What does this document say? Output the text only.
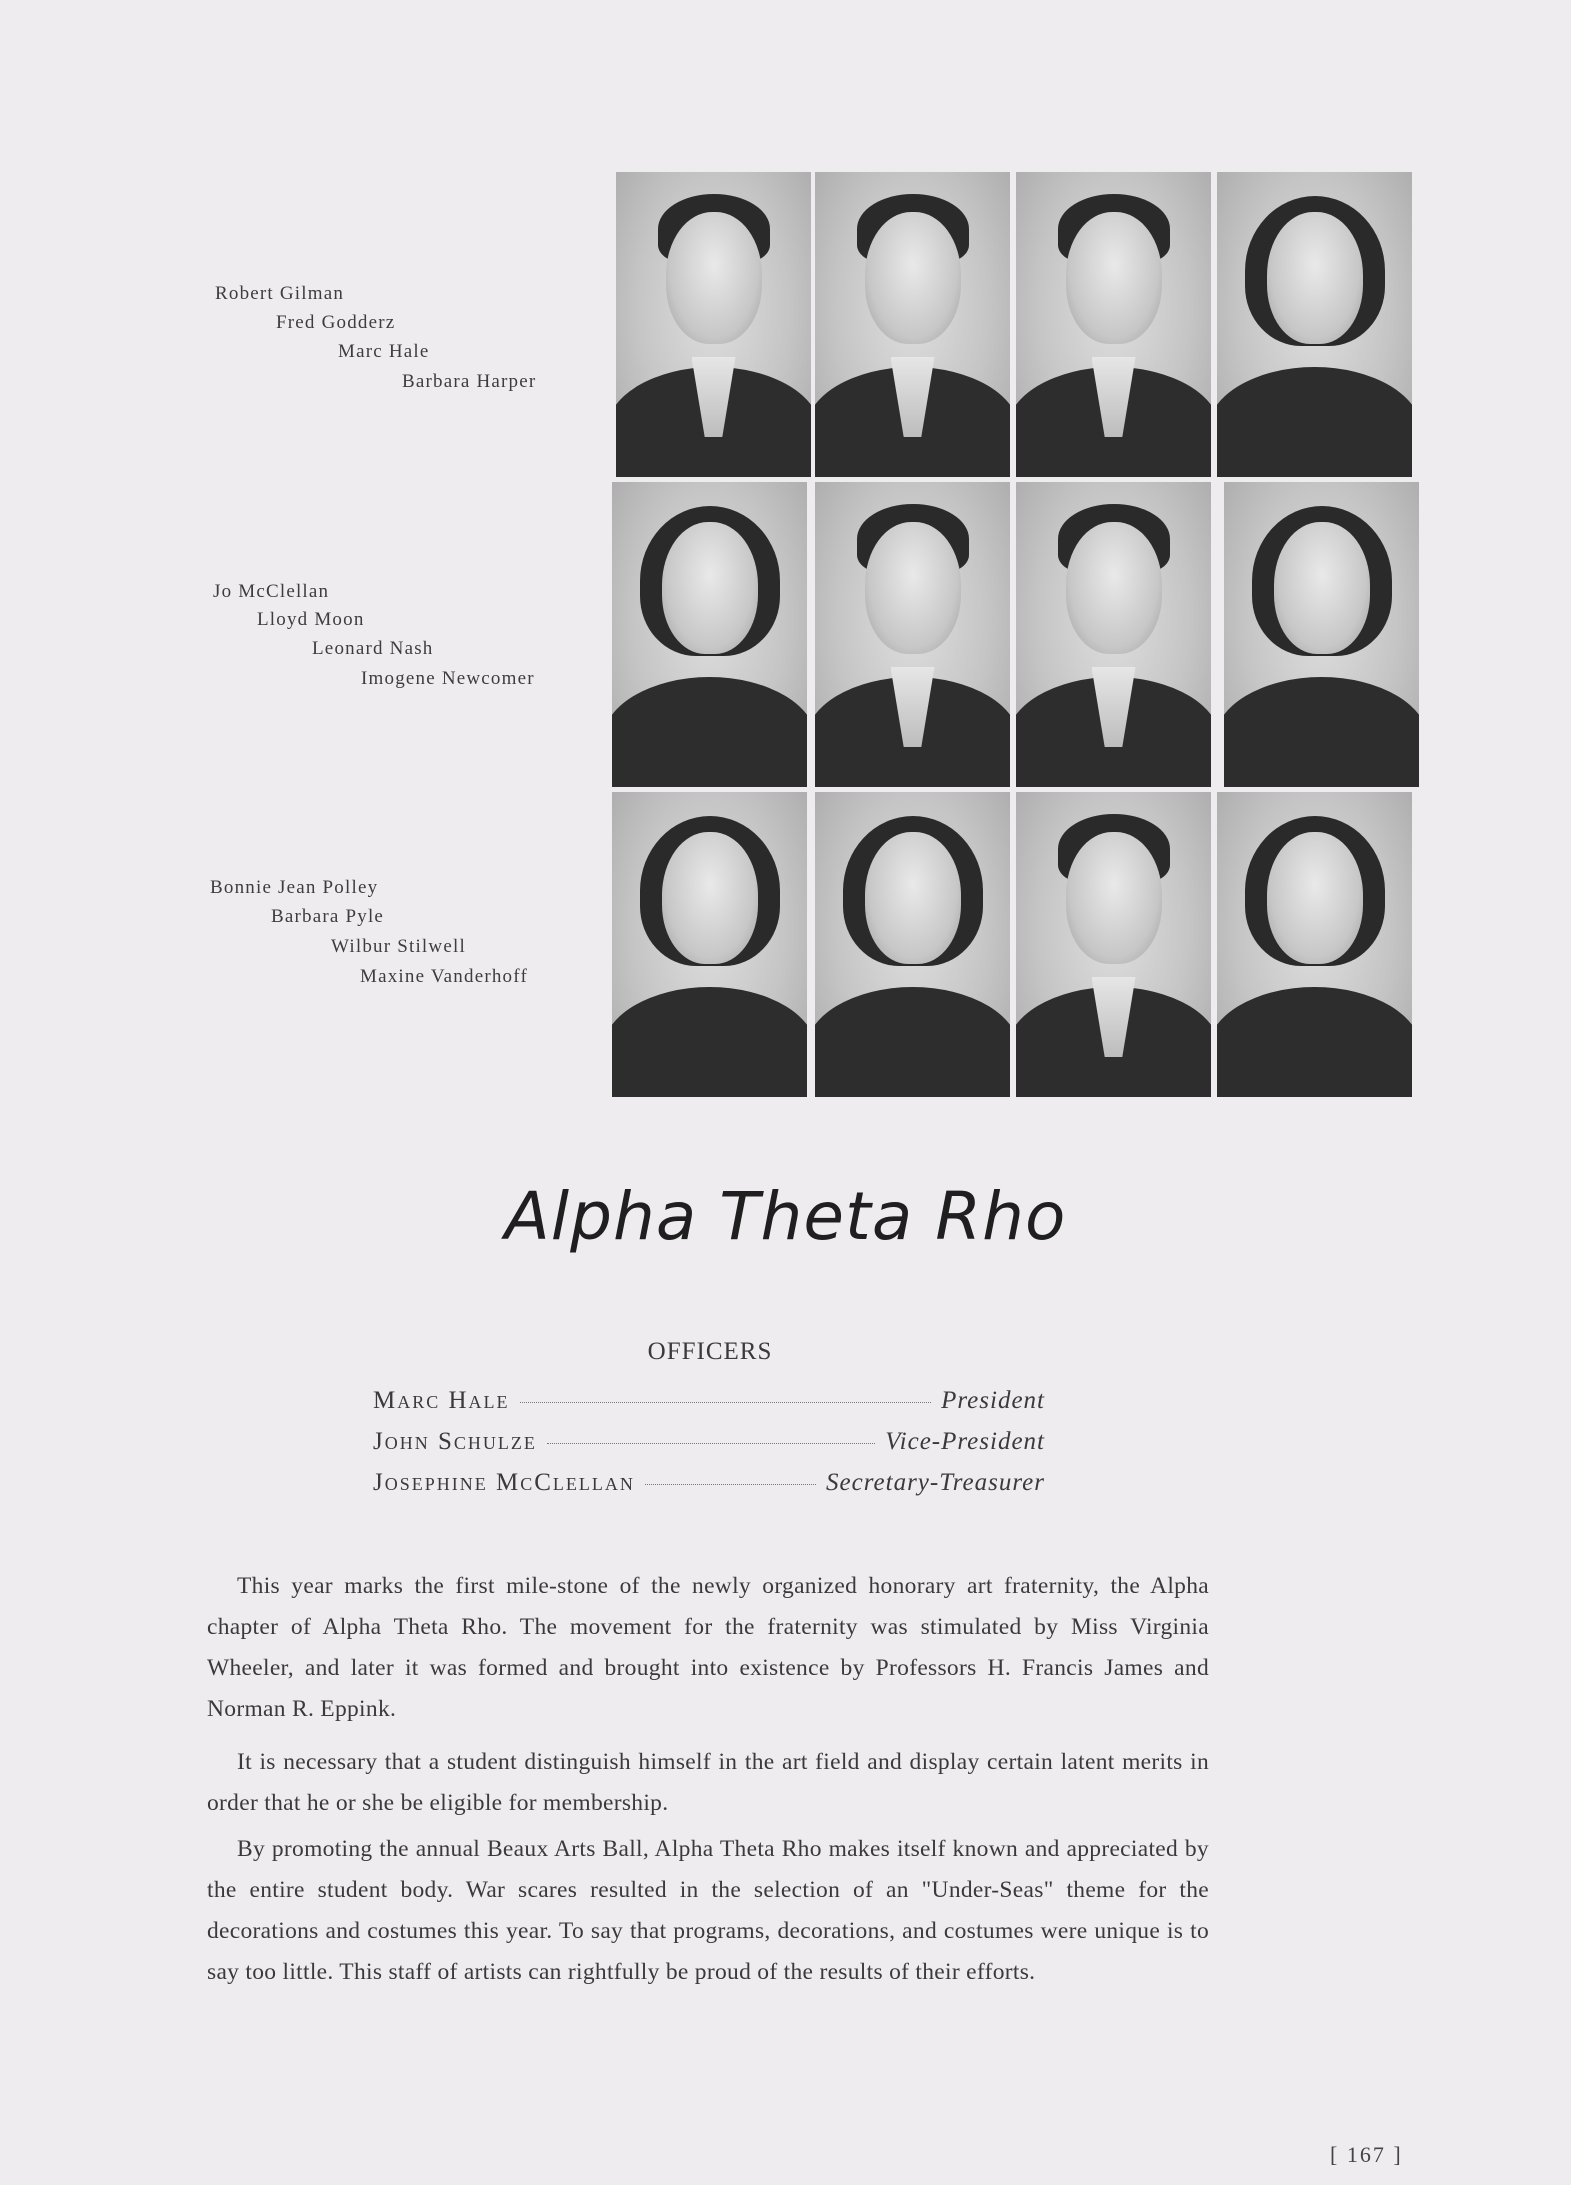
Robert Gilman
Fred Godderz
Marc Hale
Barbara Harper
Jo McClellan
Lloyd Moon
Leonard Nash
Imogene Newcomer
Bonnie Jean Polley
Barbara Pyle
Wilbur Stilwell
Maxine Vanderhoff
Alpha Theta Rho
OFFICERS
Marc Hale	President
John Schulze	Vice-President
Josephine McClellan	Secretary-Treasurer

This year marks the first mile-stone of the newly organized honorary art fraternity, the Alpha chapter of Alpha Theta Rho. The movement for the fraternity was stimulated by Miss Virginia Wheeler, and later it was formed and brought into existence by Professors H. Francis James and Norman R. Eppink.

It is necessary that a student distinguish himself in the art field and display certain latent merits in order that he or she be eligible for membership.

By promoting the annual Beaux Arts Ball, Alpha Theta Rho makes itself known and appreciated by the entire student body. War scares resulted in the selection of an "Under-Seas" theme for the decorations and costumes this year. To say that programs, decorations, and costumes were unique is to say too little. This staff of artists can rightfully be proud of the results of their efforts.

[ 167 ]
